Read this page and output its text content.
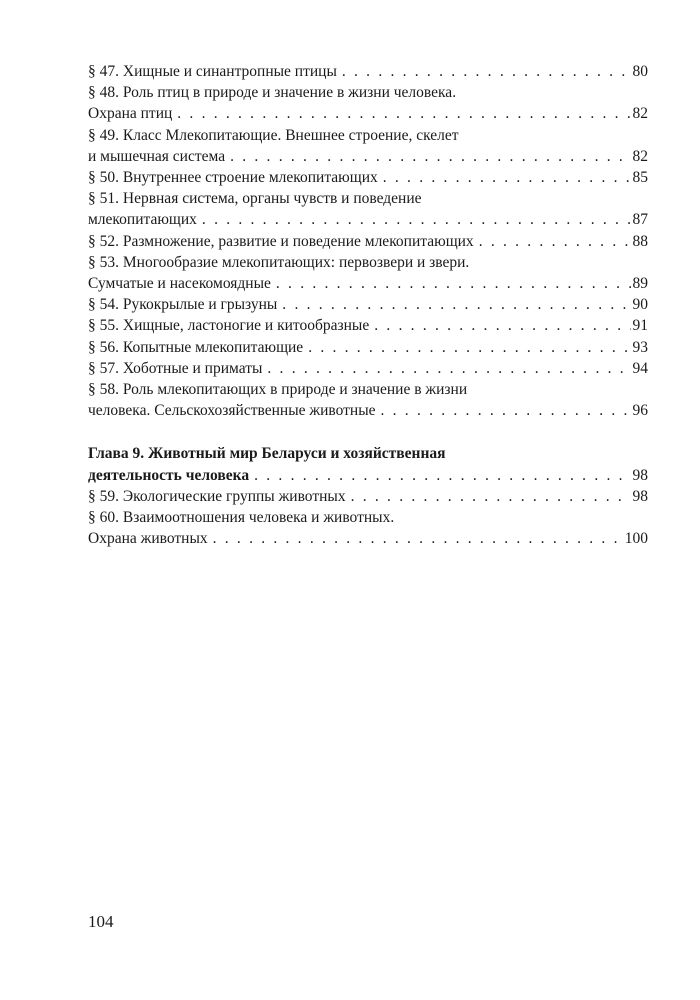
§ 47. Хищные и синантропные птицы . . .	80
§ 48. Роль птиц в природе и значение в жизни человека.
Охрана птиц . . .	82
§ 49. Класс Млекопитающие. Внешнее строение, скелет
и мышечная система . . .	82
§ 50. Внутреннее строение млекопитающих . . .	85
§ 51. Нервная система, органы чувств и поведение
млекопитающих . . .	87
§ 52. Размножение, развитие и поведение млекопитающих . . .	88
§ 53. Многообразие млекопитающих: первозвери и звери.
Сумчатые и насекомоядные . . .	89
§ 54. Рукокрылые и грызуны . . .	90
§ 55. Хищные, ластоногие и китообразные . . .	91
§ 56. Копытные млекопитающие . . .	93
§ 57. Хоботные и приматы . . .	94
§ 58. Роль млекопитающих в природе и значение в жизни
человека. Сельскохозяйственные животные . . .	96
Глава 9. Животный мир Беларуси и хозяйственная
деятельность человека . . .	98
§ 59. Экологические группы животных . . .	98
§ 60. Взаимоотношения человека и животных.
Охрана животных . . .	100
104
